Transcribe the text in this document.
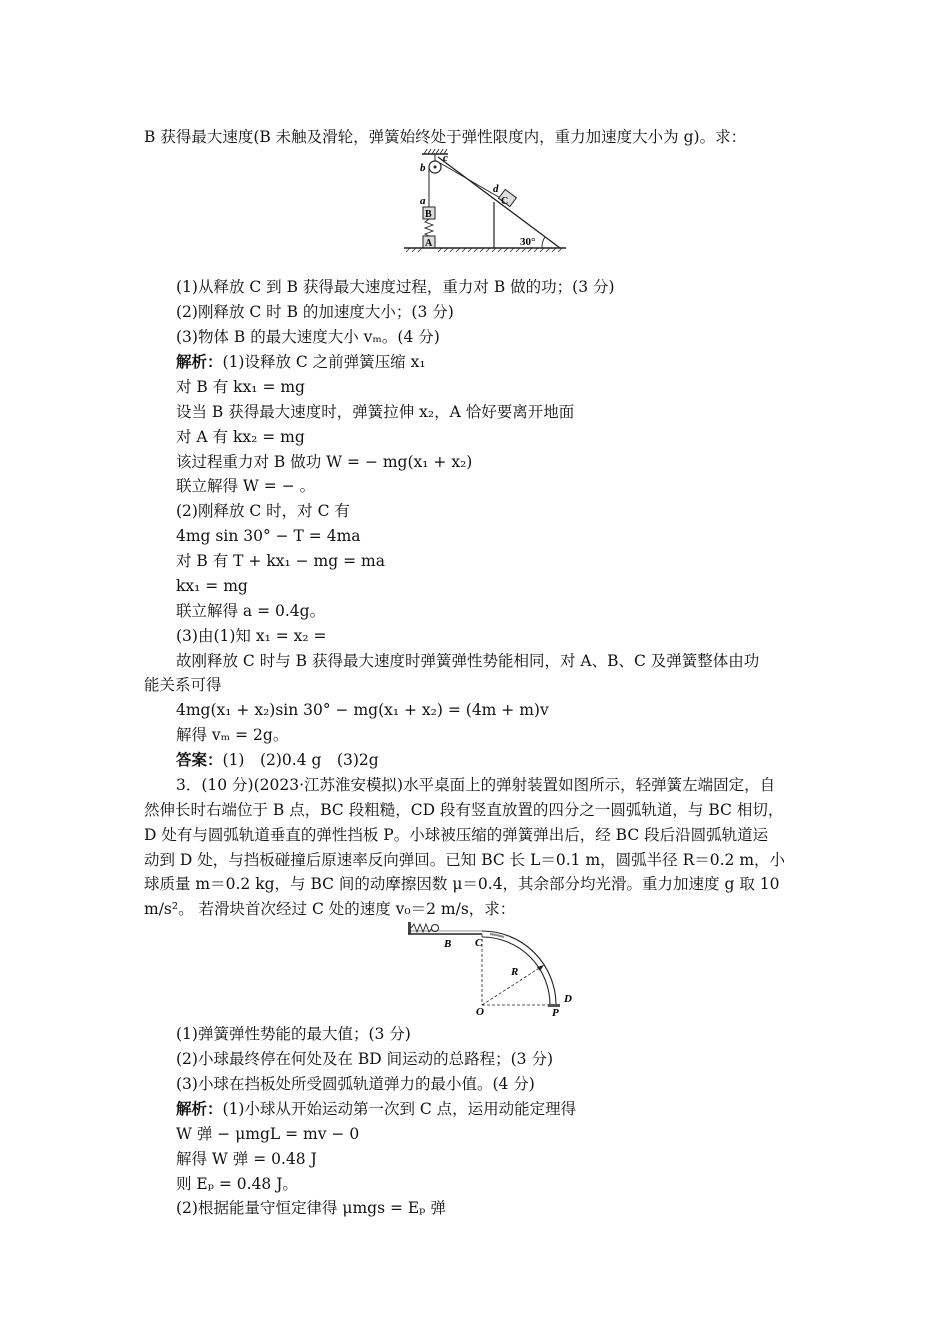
B 获得最大速度(B 未触及滑轮，弹簧始终处于弹性限度内，重力加速度大小为 g)。求：
b
c
a
B
A
d
C
30°
(1)从释放 C 到 B 获得最大速度过程，重力对 B 做的功；(3 分)
(2)刚释放 C 时 B 的加速度大小；(3 分)
(3)物体 B 的最大速度大小 vₘ。(4 分)
解析：(1)设释放 C 之前弹簧压缩 x₁
对 B 有 kx₁ = mg
设当 B 获得最大速度时，弹簧拉伸 x₂，A 恰好要离开地面
对 A 有 kx₂ = mg
该过程重力对 B 做功 W = − mg(x₁ + x₂)
联立解得 W = − 。
(2)刚释放 C 时，对 C 有
4mg sin 30° − T = 4ma
对 B 有 T + kx₁ − mg = ma
kx₁ = mg
联立解得 a = 0.4g。
(3)由(1)知 x₁ = x₂ =
故刚释放 C 时与 B 获得最大速度时弹簧弹性势能相同，对 A、B、C 及弹簧整体由功
能关系可得
4mg(x₁ + x₂)sin 30° − mg(x₁ + x₂) = (4m + m)v
解得 vₘ = 2g。
答案：(1)　(2)0.4 g　(3)2g
3．(10 分)(2023·江苏淮安模拟)水平桌面上的弹射装置如图所示，轻弹簧左端固定，自
然伸长时右端位于 B 点，BC 段粗糙，CD 段有竖直放置的四分之一圆弧轨道，与 BC 相切，
D 处有与圆弧轨道垂直的弹性挡板 P。小球被压缩的弹簧弹出后，经 BC 段后沿圆弧轨道运
动到 D 处，与挡板碰撞后原速率反向弹回。已知 BC 长 L＝0.1 m，圆弧半径 R＝0.2 m，小
球质量 m＝0.2 kg，与 BC 间的动摩擦因数 μ＝0.4，其余部分均光滑。重力加速度 g 取 10
m/s²。 若滑块首次经过 C 处的速度 v₀＝2 m/s，求：
B C
R
O
D
P
(1)弹簧弹性势能的最大值；(3 分)
(2)小球最终停在何处及在 BD 间运动的总路程；(3 分)
(3)小球在挡板处所受圆弧轨道弹力的最小值。(4 分)
解析：(1)小球从开始运动第一次到 C 点，运用动能定理得
W 弹 − μmgL = mv − 0
解得 W 弹 = 0.48 J
则 Eₚ = 0.48 J。
(2)根据能量守恒定律得 μmgs = Eₚ 弹
